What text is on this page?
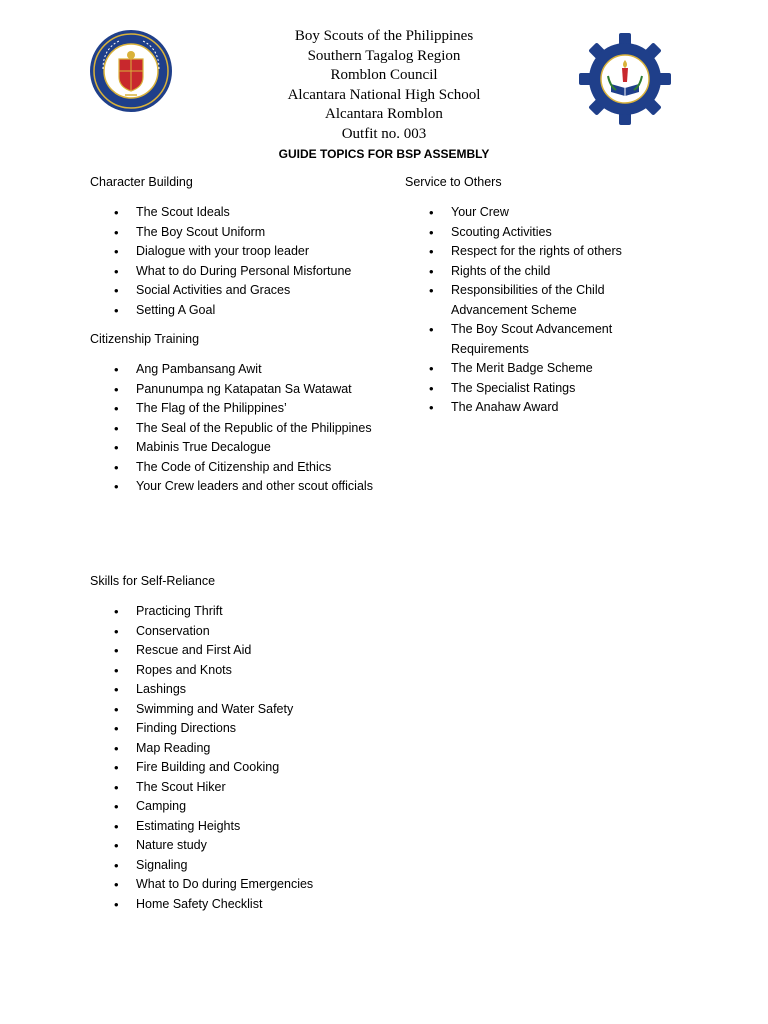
Boy Scouts of the Philippines
Southern Tagalog Region
Romblon Council
Alcantara National High School
Alcantara Romblon
Outfit no. 003
GUIDE TOPICS FOR BSP ASSEMBLY
Character Building
• The Scout Ideals
• The Boy Scout Uniform
• Dialogue with your troop leader
• What to do During Personal Misfortune
• Social Activities and Graces
• Setting A Goal
Citizenship Training
• Ang Pambansang Awit
• Panunumpa ng Katapatan Sa Watawat
• The Flag of the Philippines’
• The Seal of the Republic of the Philippines
• Mabinis True Decalogue
• The Code of Citizenship and Ethics
• Your Crew leaders and other scout officials
Skills for Self-Reliance
• Practicing Thrift
• Conservation
• Rescue and First Aid
• Ropes and Knots
• Lashings
• Swimming and Water Safety
• Finding Directions
• Map Reading
• Fire Building and Cooking
• The Scout Hiker
• Camping
• Estimating Heights
• Nature study
• Signaling
• What to Do during Emergencies
• Home Safety Checklist
Service to Others
• Your Crew
• Scouting Activities
• Respect for the rights of others
• Rights of the child
• Responsibilities of the Child Advancement Scheme
• The Boy Scout Advancement Requirements
• The Merit Badge Scheme
• The Specialist Ratings
• The Anahaw Award
